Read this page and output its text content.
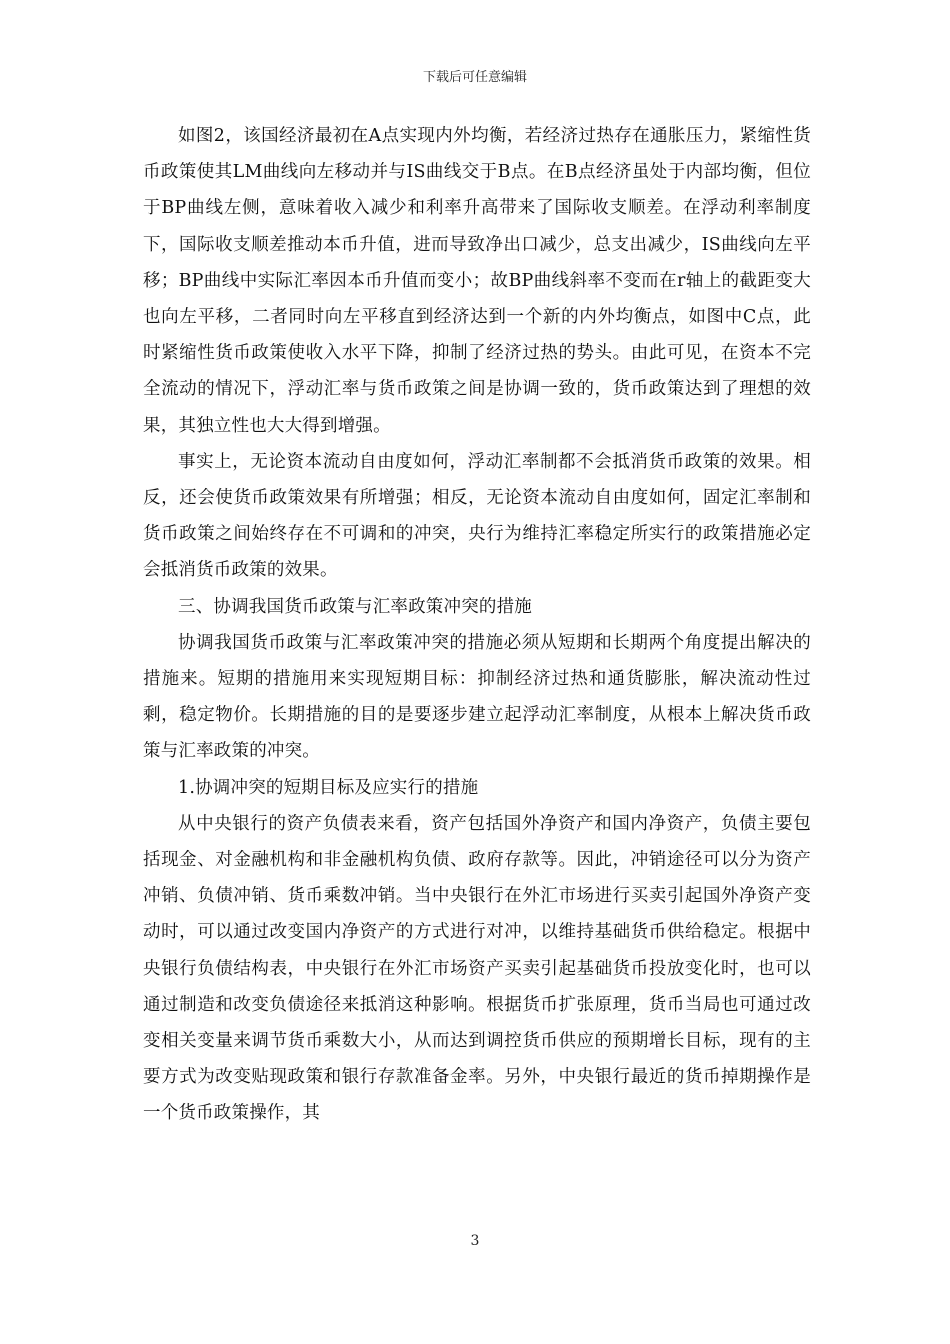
下载后可任意编辑

如图2，该国经济最初在A点实现内外均衡，若经济过热存在通胀压力，紧缩性货币政策使其LM曲线向左移动并与IS曲线交于B点。在B点经济虽处于内部均衡，但位于BP曲线左侧，意味着收入减少和利率升高带来了国际收支顺差。在浮动利率制度下，国际收支顺差推动本币升值，进而导致净出口减少，总支出减少，IS曲线向左平移；BP曲线中实际汇率因本币升值而变小；故BP曲线斜率不变而在r轴上的截距变大也向左平移，二者同时向左平移直到经济达到一个新的内外均衡点，如图中C点，此时紧缩性货币政策使收入水平下降，抑制了经济过热的势头。由此可见，在资本不完全流动的情况下，浮动汇率与货币政策之间是协调一致的，货币政策达到了理想的效果，其独立性也大大得到增强。

事实上，无论资本流动自由度如何，浮动汇率制都不会抵消货币政策的效果。相反，还会使货币政策效果有所增强；相反，无论资本流动自由度如何，固定汇率制和货币政策之间始终存在不可调和的冲突，央行为维持汇率稳定所实行的政策措施必定会抵消货币政策的效果。

三、协调我国货币政策与汇率政策冲突的措施

协调我国货币政策与汇率政策冲突的措施必须从短期和长期两个角度提出解决的措施来。短期的措施用来实现短期目标：抑制经济过热和通货膨胀，解决流动性过剩，稳定物价。长期措施的目的是要逐步建立起浮动汇率制度，从根本上解决货币政策与汇率政策的冲突。

1.协调冲突的短期目标及应实行的措施

从中央银行的资产负债表来看，资产包括国外净资产和国内净资产，负债主要包括现金、对金融机构和非金融机构负债、政府存款等。因此，冲销途径可以分为资产冲销、负债冲销、货币乘数冲销。当中央银行在外汇市场进行买卖引起国外净资产变动时，可以通过改变国内净资产的方式进行对冲，以维持基础货币供给稳定。根据中央银行负债结构表，中央银行在外汇市场资产买卖引起基础货币投放变化时，也可以通过制造和改变负债途径来抵消这种影响。根据货币扩张原理，货币当局也可通过改变相关变量来调节货币乘数大小，从而达到调控货币供应的预期增长目标，现有的主要方式为改变贴现政策和银行存款准备金率。另外，中央银行最近的货币掉期操作是一个货币政策操作，其

3
